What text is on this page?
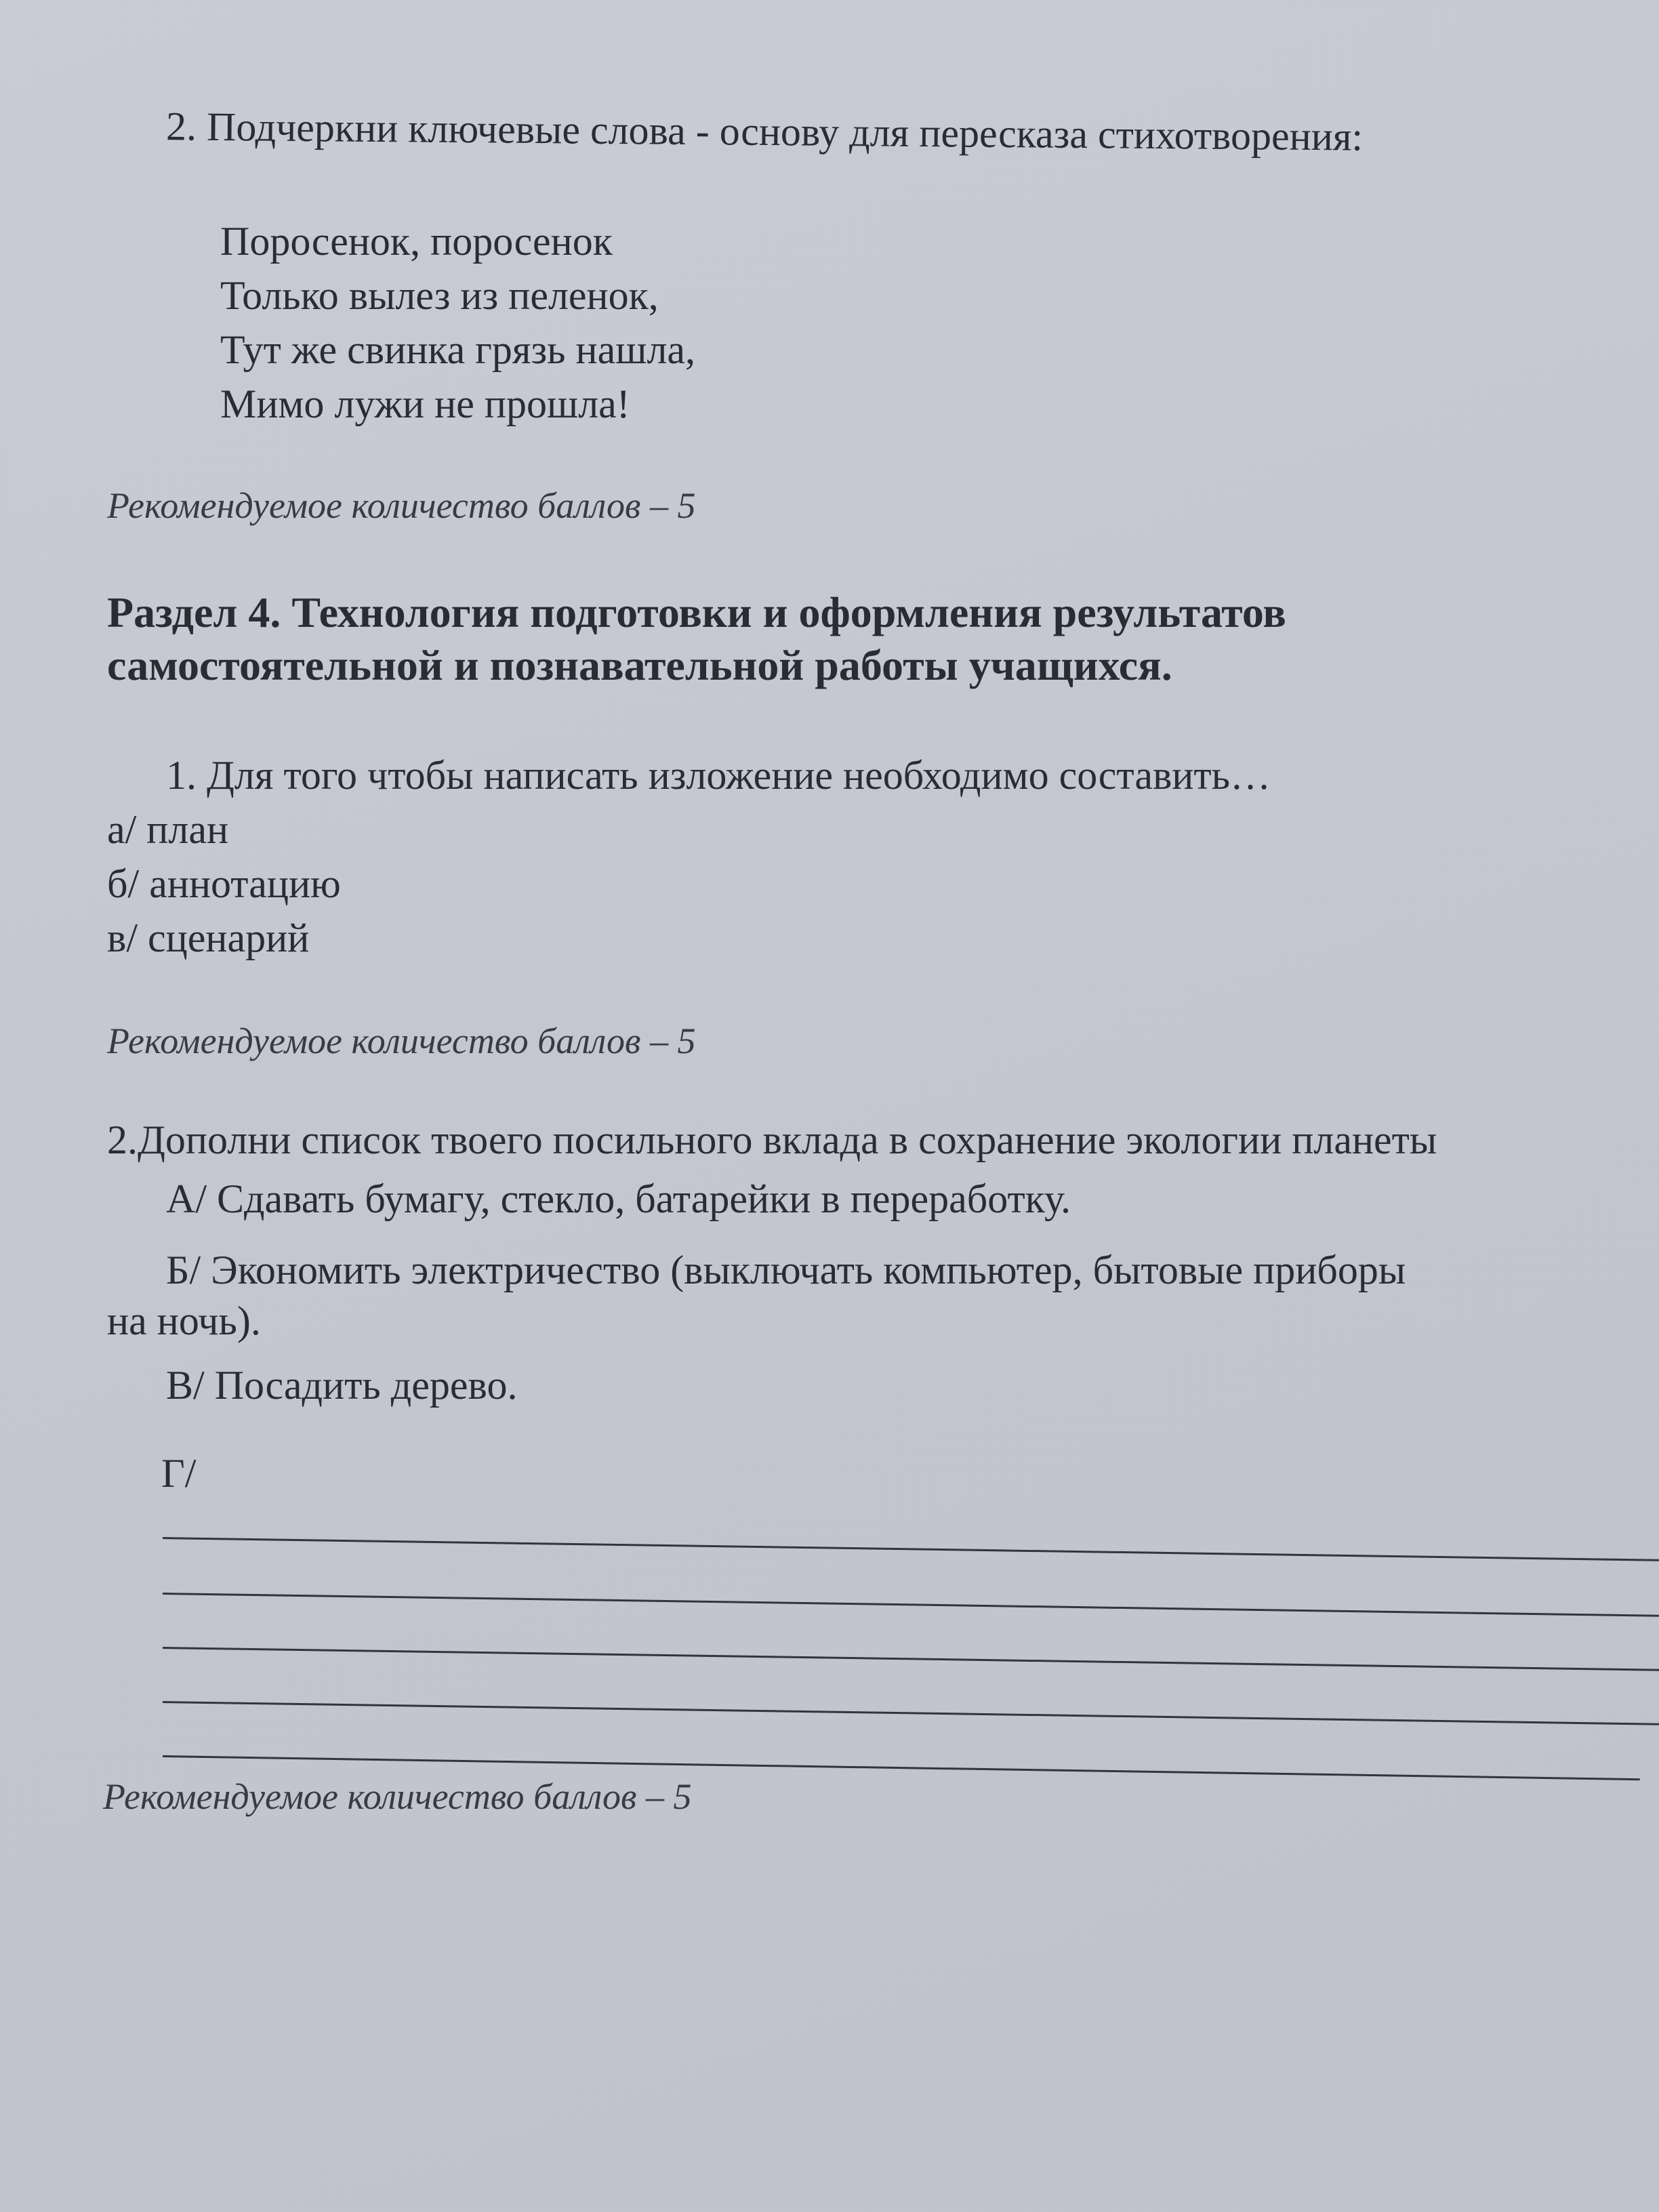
2. Подчеркни ключевые слова - основу для пересказа стихотворения:
Поросенок, поросенок
Только вылез из пеленок,
Тут же свинка грязь нашла,
Мимо лужи не прошла!
Рекомендуемое количество баллов – 5
Раздел 4. Технология подготовки и оформления результатов
самостоятельной и познавательной работы учащихся.
1. Для того чтобы написать изложение необходимо составить…
а/ план
б/ аннотацию
в/ сценарий
Рекомендуемое количество баллов – 5
2.Дополни список твоего посильного вклада в сохранение экологии планеты
А/ Сдавать бумагу, стекло, батарейки в переработку.
Б/ Экономить электричество (выключать компьютер, бытовые приборы
на ночь).
В/ Посадить дерево.
Г/
Рекомендуемое количество баллов – 5
